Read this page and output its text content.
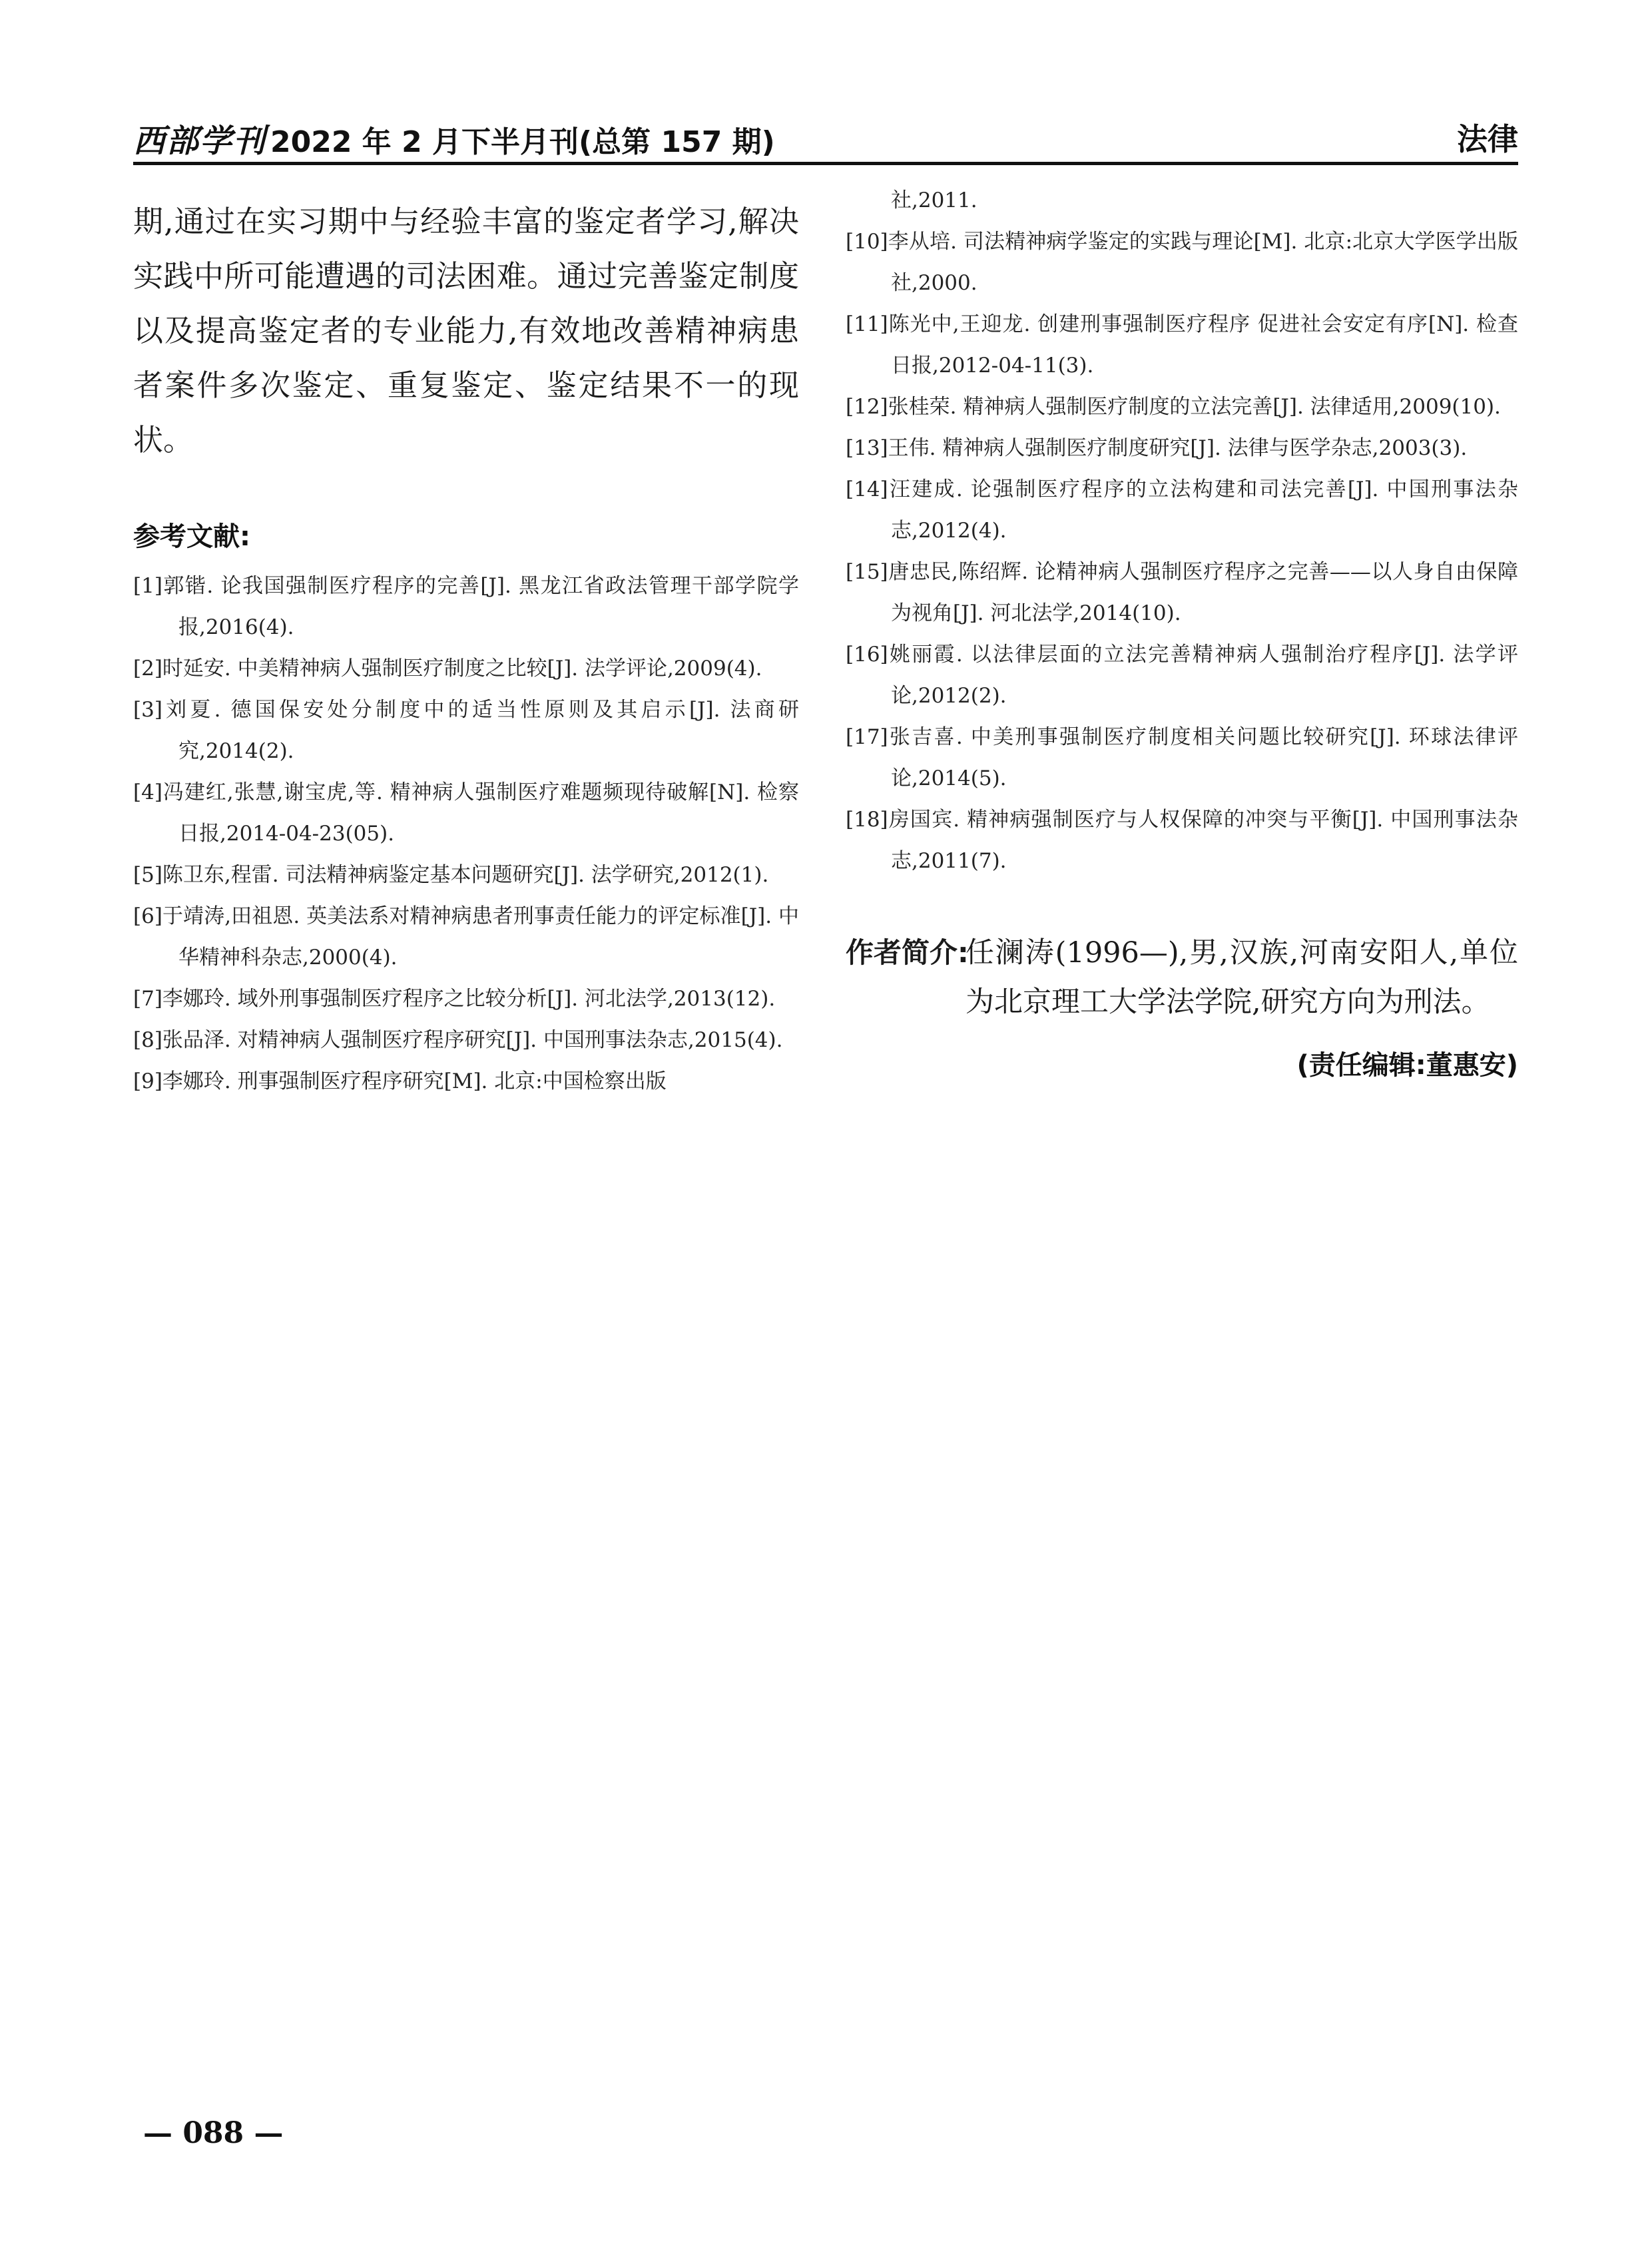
西部学刊 2022 年 2 月下半月刊(总第 157 期)	法律

期,通过在实习期中与经验丰富的鉴定者学习,解决实践中所可能遭遇的司法困难。通过完善鉴定制度以及提高鉴定者的专业能力,有效地改善精神病患者案件多次鉴定、重复鉴定、鉴定结果不一的现状。

参考文献:

[1]郭锴. 论我国强制医疗程序的完善[J]. 黑龙江省政法管理干部学院学报,2016(4).

[2]时延安. 中美精神病人强制医疗制度之比较[J]. 法学评论,2009(4).

[3]刘夏. 德国保安处分制度中的适当性原则及其启示[J]. 法商研究,2014(2).

[4]冯建红,张慧,谢宝虎,等. 精神病人强制医疗难题频现待破解[N]. 检察日报,2014-04-23(05).

[5]陈卫东,程雷. 司法精神病鉴定基本问题研究[J]. 法学研究,2012(1).

[6]于靖涛,田祖恩. 英美法系对精神病患者刑事责任能力的评定标准[J]. 中华精神科杂志,2000(4).

[7]李娜玲. 域外刑事强制医疗程序之比较分析[J]. 河北法学,2013(12).

[8]张品泽. 对精神病人强制医疗程序研究[J]. 中国刑事法杂志,2015(4).

[9]李娜玲. 刑事强制医疗程序研究[M]. 北京:中国检察出版

社,2011.

[10]李从培. 司法精神病学鉴定的实践与理论[M]. 北京:北京大学医学出版社,2000.

[11]陈光中,王迎龙. 创建刑事强制医疗程序 促进社会安定有序[N]. 检查日报,2012-04-11(3).

[12]张桂荣. 精神病人强制医疗制度的立法完善[J]. 法律适用,2009(10).

[13]王伟. 精神病人强制医疗制度研究[J]. 法律与医学杂志,2003(3).

[14]汪建成. 论强制医疗程序的立法构建和司法完善[J]. 中国刑事法杂志,2012(4).

[15]唐忠民,陈绍辉. 论精神病人强制医疗程序之完善——以人身自由保障为视角[J]. 河北法学,2014(10).

[16]姚丽霞. 以法律层面的立法完善精神病人强制治疗程序[J]. 法学评论,2012(2).

[17]张吉喜. 中美刑事强制医疗制度相关问题比较研究[J]. 环球法律评论,2014(5).

[18]房国宾. 精神病强制医疗与人权保障的冲突与平衡[J]. 中国刑事法杂志,2011(7).

作者简介:
任澜涛(1996—),男,汉族,河南安阳人,单位为北京理工大学法学院,研究方向为刑法。
(责任编辑:董惠安)
— 088 —
